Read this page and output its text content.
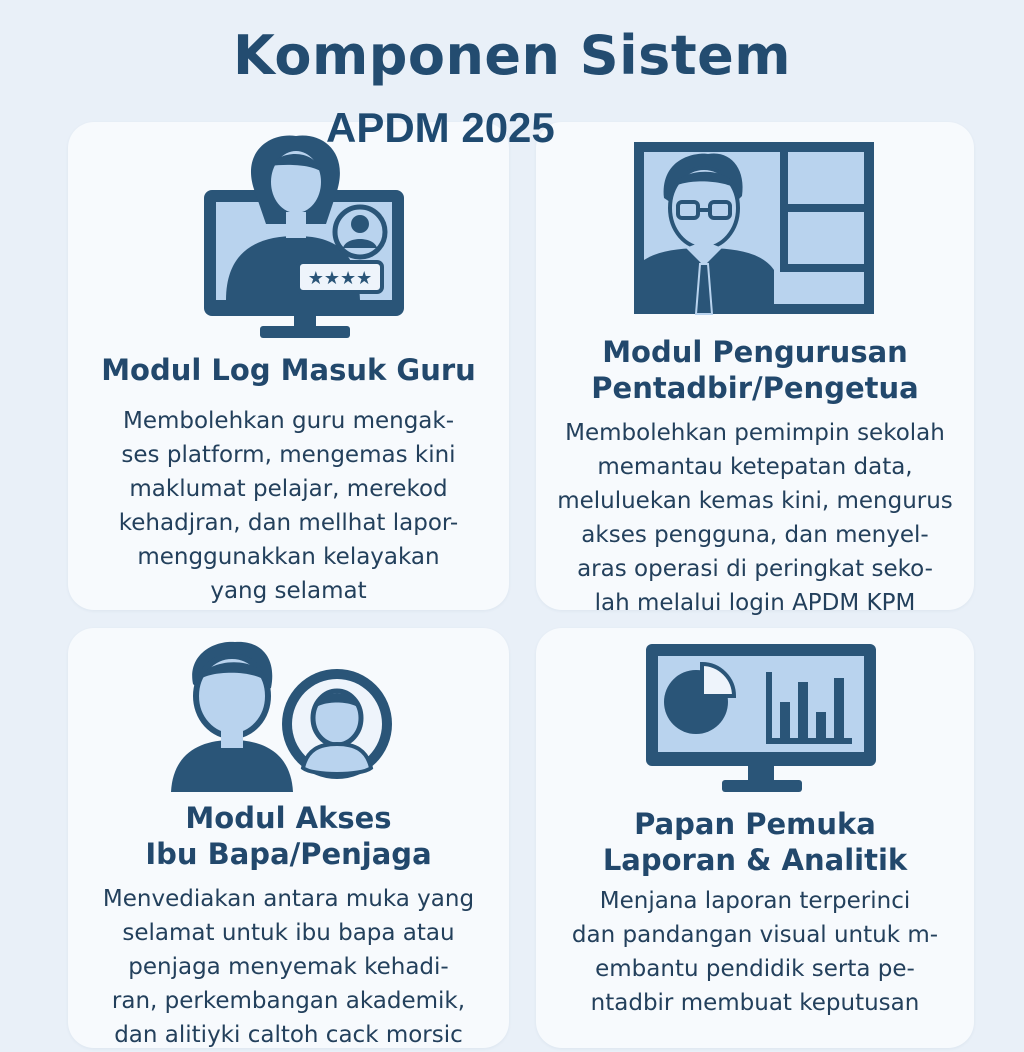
Komponen Sistem
APDM 2025
★★★★
Modul Log Masuk Guru
Membolehkan guru mengak-
ses platform, mengemas kini
maklumat pelajar, merekod
kehadjran, dan mellhat lapor-
menggunakkan kelayakan
yang selamat
Modul Pengurusan
Pentadbir/Pengetua
Membolehkan pemimpin sekolah
memantau ketepatan data,
meluluekan kemas kini, mengurus
akses pengguna, dan menyel-
aras operasi di peringkat seko-
lah melalui login APDM KPM
Modul Akses
Ibu Bapa/Penjaga
Menvediakan antara muka yang
selamat untuk ibu bapa atau
penjaga menyemak kehadi-
ran, perkembangan akademik,
dan alitiyki caltoh cack morsic
Papan Pemuka
Laporan & Analitik
Menjana laporan terperinci
dan pandangan visual untuk m-
embantu pendidik serta pe-
ntadbir membuat keputusan
